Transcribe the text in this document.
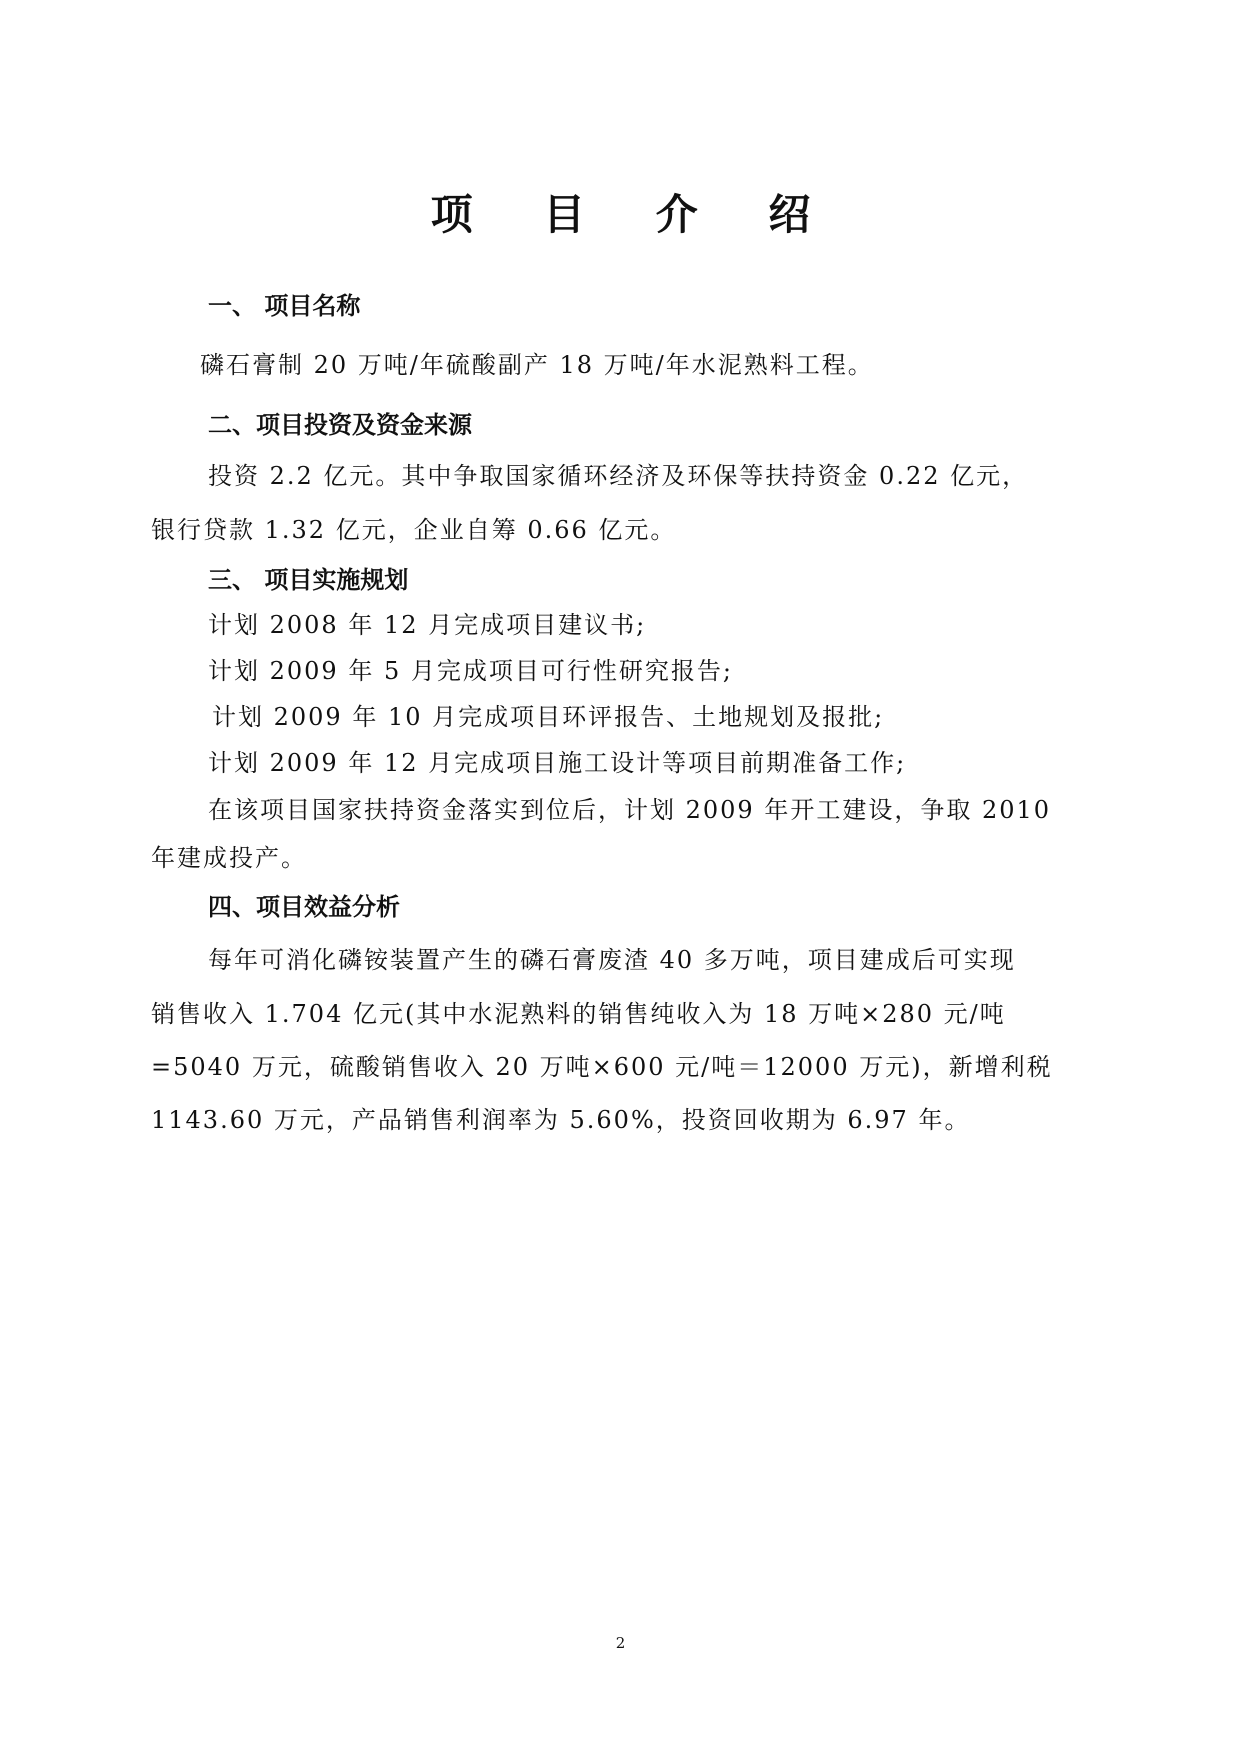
项 目 介 绍
一、 项目名称

磷石膏制 20 万吨/年硫酸副产 18 万吨/年水泥熟料工程。

二、项目投资及资金来源

投资 2.2 亿元。其中争取国家循环经济及环保等扶持资金 0.22 亿元，

银行贷款 1.32 亿元，企业自筹 0.66 亿元。

三、 项目实施规划

计划 2008 年 12 月完成项目建议书;

计划 2009 年 5 月完成项目可行性研究报告;

计划 2009 年 10 月完成项目环评报告、土地规划及报批;

计划 2009 年 12 月完成项目施工设计等项目前期准备工作;

在该项目国家扶持资金落实到位后，计划 2009 年开工建设，争取 2010

年建成投产。

四、项目效益分析

每年可消化磷铵装置产生的磷石膏废渣 40 多万吨，项目建成后可实现

销售收入 1.704 亿元(其中水泥熟料的销售纯收入为 18 万吨×280 元/吨

=5040 万元，硫酸销售收入 20 万吨×600 元/吨＝12000 万元)，新增利税

1143.60 万元，产品销售利润率为 5.60%，投资回收期为 6.97 年。

2
